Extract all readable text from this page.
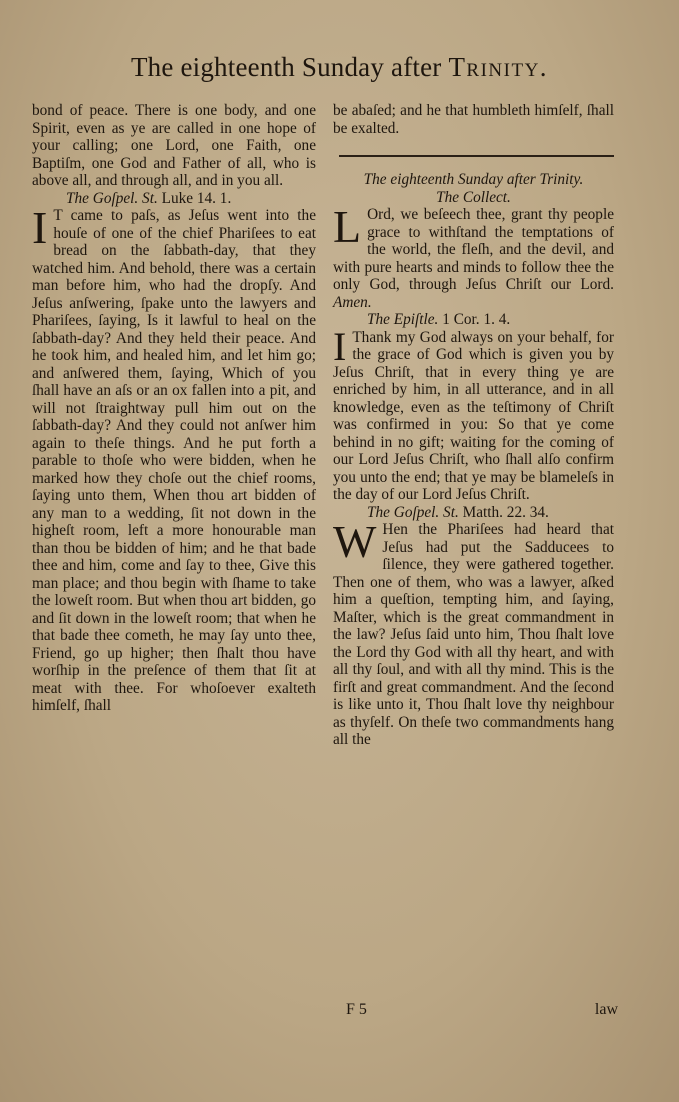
The eighteenth Sunday after Trinity.

bond of peace. There is one body, and one Spirit, even as ye are called in one hope of your calling; one Lord, one Faith, one Baptiſm, one God and Father of all, who is above all, and through all, and in you all.

The Goſpel. St. Luke 14. 1.

I T came to paſs, as Jeſus went into the houſe of one of the chief Phariſees to eat bread on the ſabbath-day, that they watched him. And behold, there was a certain man before him, who had the dropſy. And Jeſus anſwering, ſpake unto the lawyers and Phariſees, ſaying, Is it lawful to heal on the ſabbath-day? And they held their peace. And he took him, and healed him, and let him go; and anſwered them, ſaying, Which of you ſhall have an aſs or an ox fallen into a pit, and will not ſtraightway pull him out on the ſabbath-day? And they could not anſwer him again to theſe things. And he put forth a parable to thoſe who were bidden, when he marked how they choſe out the chief rooms, ſaying unto them, When thou art bidden of any man to a wedding, ſit not down in the higheſt room, left a more honourable man than thou be bidden of him; and he that bade thee and him, come and ſay to thee, Give this man place; and thou begin with ſhame to take the loweſt room. But when thou art bidden, go and ſit down in the loweſt room; that when he that bade thee cometh, he may ſay unto thee, Friend, go up higher; then ſhalt thou have worſhip in the preſence of them that ſit at meat with thee. For whoſoever exalteth himſelf, ſhall

be abaſed; and he that humbleth himſelf, ſhall be exalted.

The eighteenth Sunday after Trinity.

The Collect.

L Ord, we beſeech thee, grant thy people grace to withſtand the temptations of the world, the fleſh, and the devil, and with pure hearts and minds to follow thee the only God, through Jeſus Chriſt our Lord. Amen.

The Epiſtle. 1 Cor. 1. 4.

I Thank my God always on your behalf, for the grace of God which is given you by Jeſus Chriſt, that in every thing ye are enriched by him, in all utterance, and in all knowledge, even as the teſtimony of Chriſt was confirmed in you: So that ye come behind in no gift; waiting for the coming of our Lord Jeſus Chriſt, who ſhall alſo confirm you unto the end; that ye may be blameleſs in the day of our Lord Jeſus Chriſt.

The Goſpel. St. Matth. 22. 34.

W Hen the Phariſees had heard that Jeſus had put the Sadducees to ſilence, they were gathered together. Then one of them, who was a lawyer, aſked him a queſtion, tempting him, and ſaying, Maſter, which is the great commandment in the law? Jeſus ſaid unto him, Thou ſhalt love the Lord thy God with all thy heart, and with all thy ſoul, and with all thy mind. This is the firſt and great commandment. And the ſecond is like unto it, Thou ſhalt love thy neighbour as thyſelf. On theſe two commandments hang all the

F 5	law
